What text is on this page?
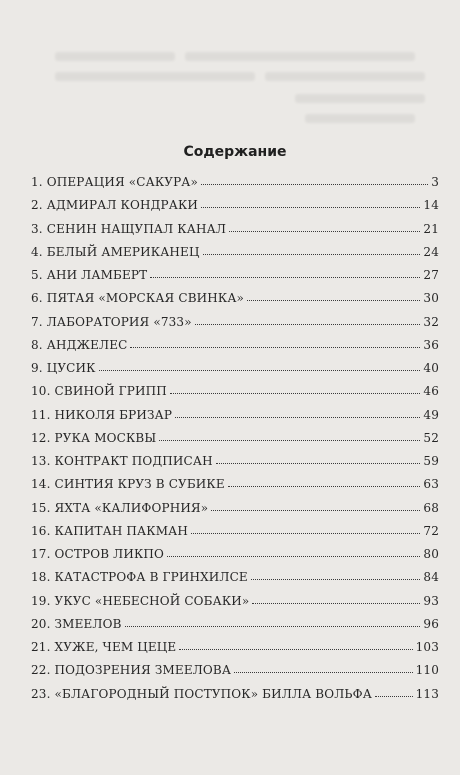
Содержание
1. ОПЕРАЦИЯ «САКУРА»	3
2. АДМИРАЛ КОНДРАКИ	14
3. СЕНИН НАЩУПАЛ КАНАЛ	21
4. БЕЛЫЙ АМЕРИКАНЕЦ	24
5. АНИ ЛАМБЕРТ	27
6. ПЯТАЯ «МОРСКАЯ СВИНКА»	30
7. ЛАБОРАТОРИЯ «733»	32
8. АНДЖЕЛЕС	36
9. ЦУСИК	40
10. СВИНОЙ ГРИПП	46
11. НИКОЛЯ БРИЗАР	49
12. РУКА МОСКВЫ	52
13. КОНТРАКТ ПОДПИСАН	59
14. СИНТИЯ КРУЗ В СУБИКЕ	63
15. ЯХТА «КАЛИФОРНИЯ»	68
16. КАПИТАН ПАКМАН	72
17. ОСТРОВ ЛИКПО	80
18. КАТАСТРОФА В ГРИНХИЛСЕ	84
19. УКУС «НЕБЕСНОЙ СОБАКИ»	93
20. ЗМЕЕЛОВ	96
21. ХУЖЕ, ЧЕМ ЦЕЦЕ	103
22. ПОДОЗРЕНИЯ ЗМЕЕЛОВА	110
23. «БЛАГОРОДНЫЙ ПОСТУПОК» БИЛЛА ВОЛЬФА	113
